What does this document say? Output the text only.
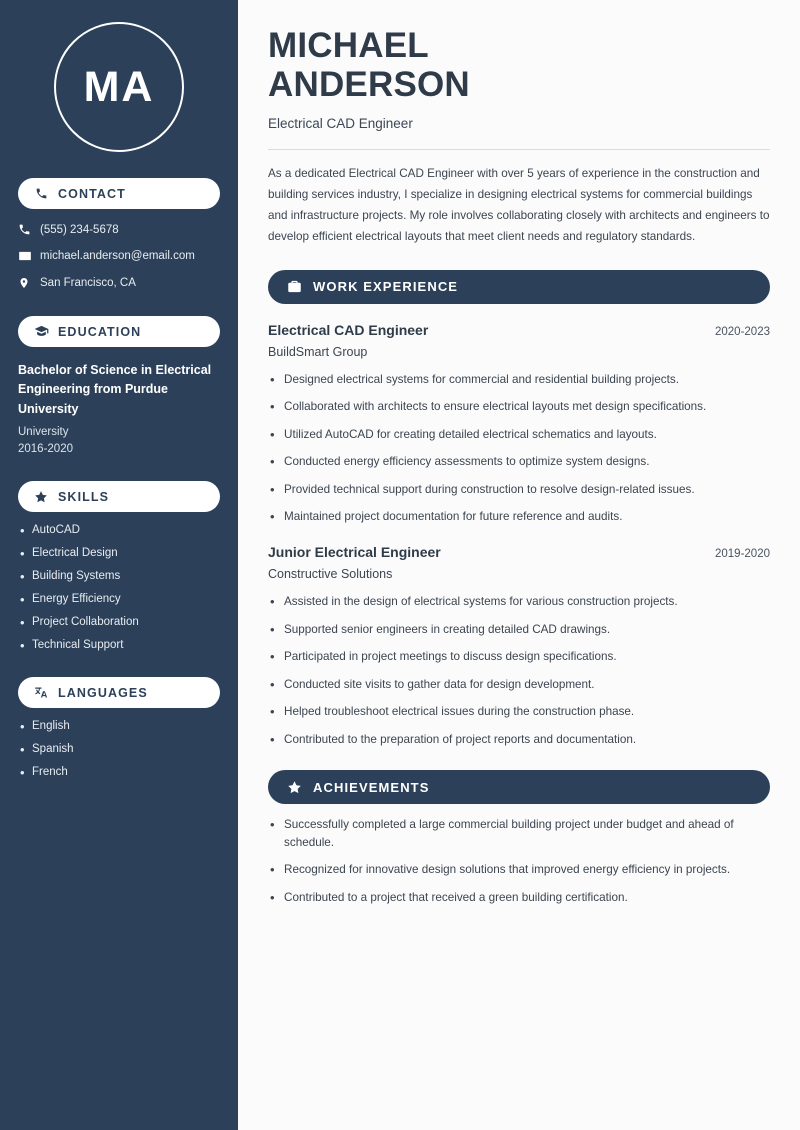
MA
CONTACT
(555) 234-5678
michael.anderson@email.com
San Francisco, CA
EDUCATION
Bachelor of Science in Electrical Engineering from Purdue University
University
2016-2020
SKILLS
• AutoCAD
• Electrical Design
• Building Systems
• Energy Efficiency
• Project Collaboration
• Technical Support
LANGUAGES
• English
• Spanish
• French
MICHAEL
ANDERSON
Electrical CAD Engineer

As a dedicated Electrical CAD Engineer with over 5 years of experience in the construction and building services industry, I specialize in designing electrical systems for commercial buildings and infrastructure projects. My role involves collaborating closely with architects and engineers to develop efficient electrical layouts that meet client needs and regulatory standards.

WORK EXPERIENCE
Electrical CAD Engineer	2020-2023
BuildSmart Group
• Designed electrical systems for commercial and residential building projects.
• Collaborated with architects to ensure electrical layouts met design specifications.
• Utilized AutoCAD for creating detailed electrical schematics and layouts.
• Conducted energy efficiency assessments to optimize system designs.
• Provided technical support during construction to resolve design-related issues.
• Maintained project documentation for future reference and audits.
Junior Electrical Engineer	2019-2020
Constructive Solutions
• Assisted in the design of electrical systems for various construction projects.
• Supported senior engineers in creating detailed CAD drawings.
• Participated in project meetings to discuss design specifications.
• Conducted site visits to gather data for design development.
• Helped troubleshoot electrical issues during the construction phase.
• Contributed to the preparation of project reports and documentation.
ACHIEVEMENTS
• Successfully completed a large commercial building project under budget and ahead of schedule.
• Recognized for innovative design solutions that improved energy efficiency in projects.
• Contributed to a project that received a green building certification.
